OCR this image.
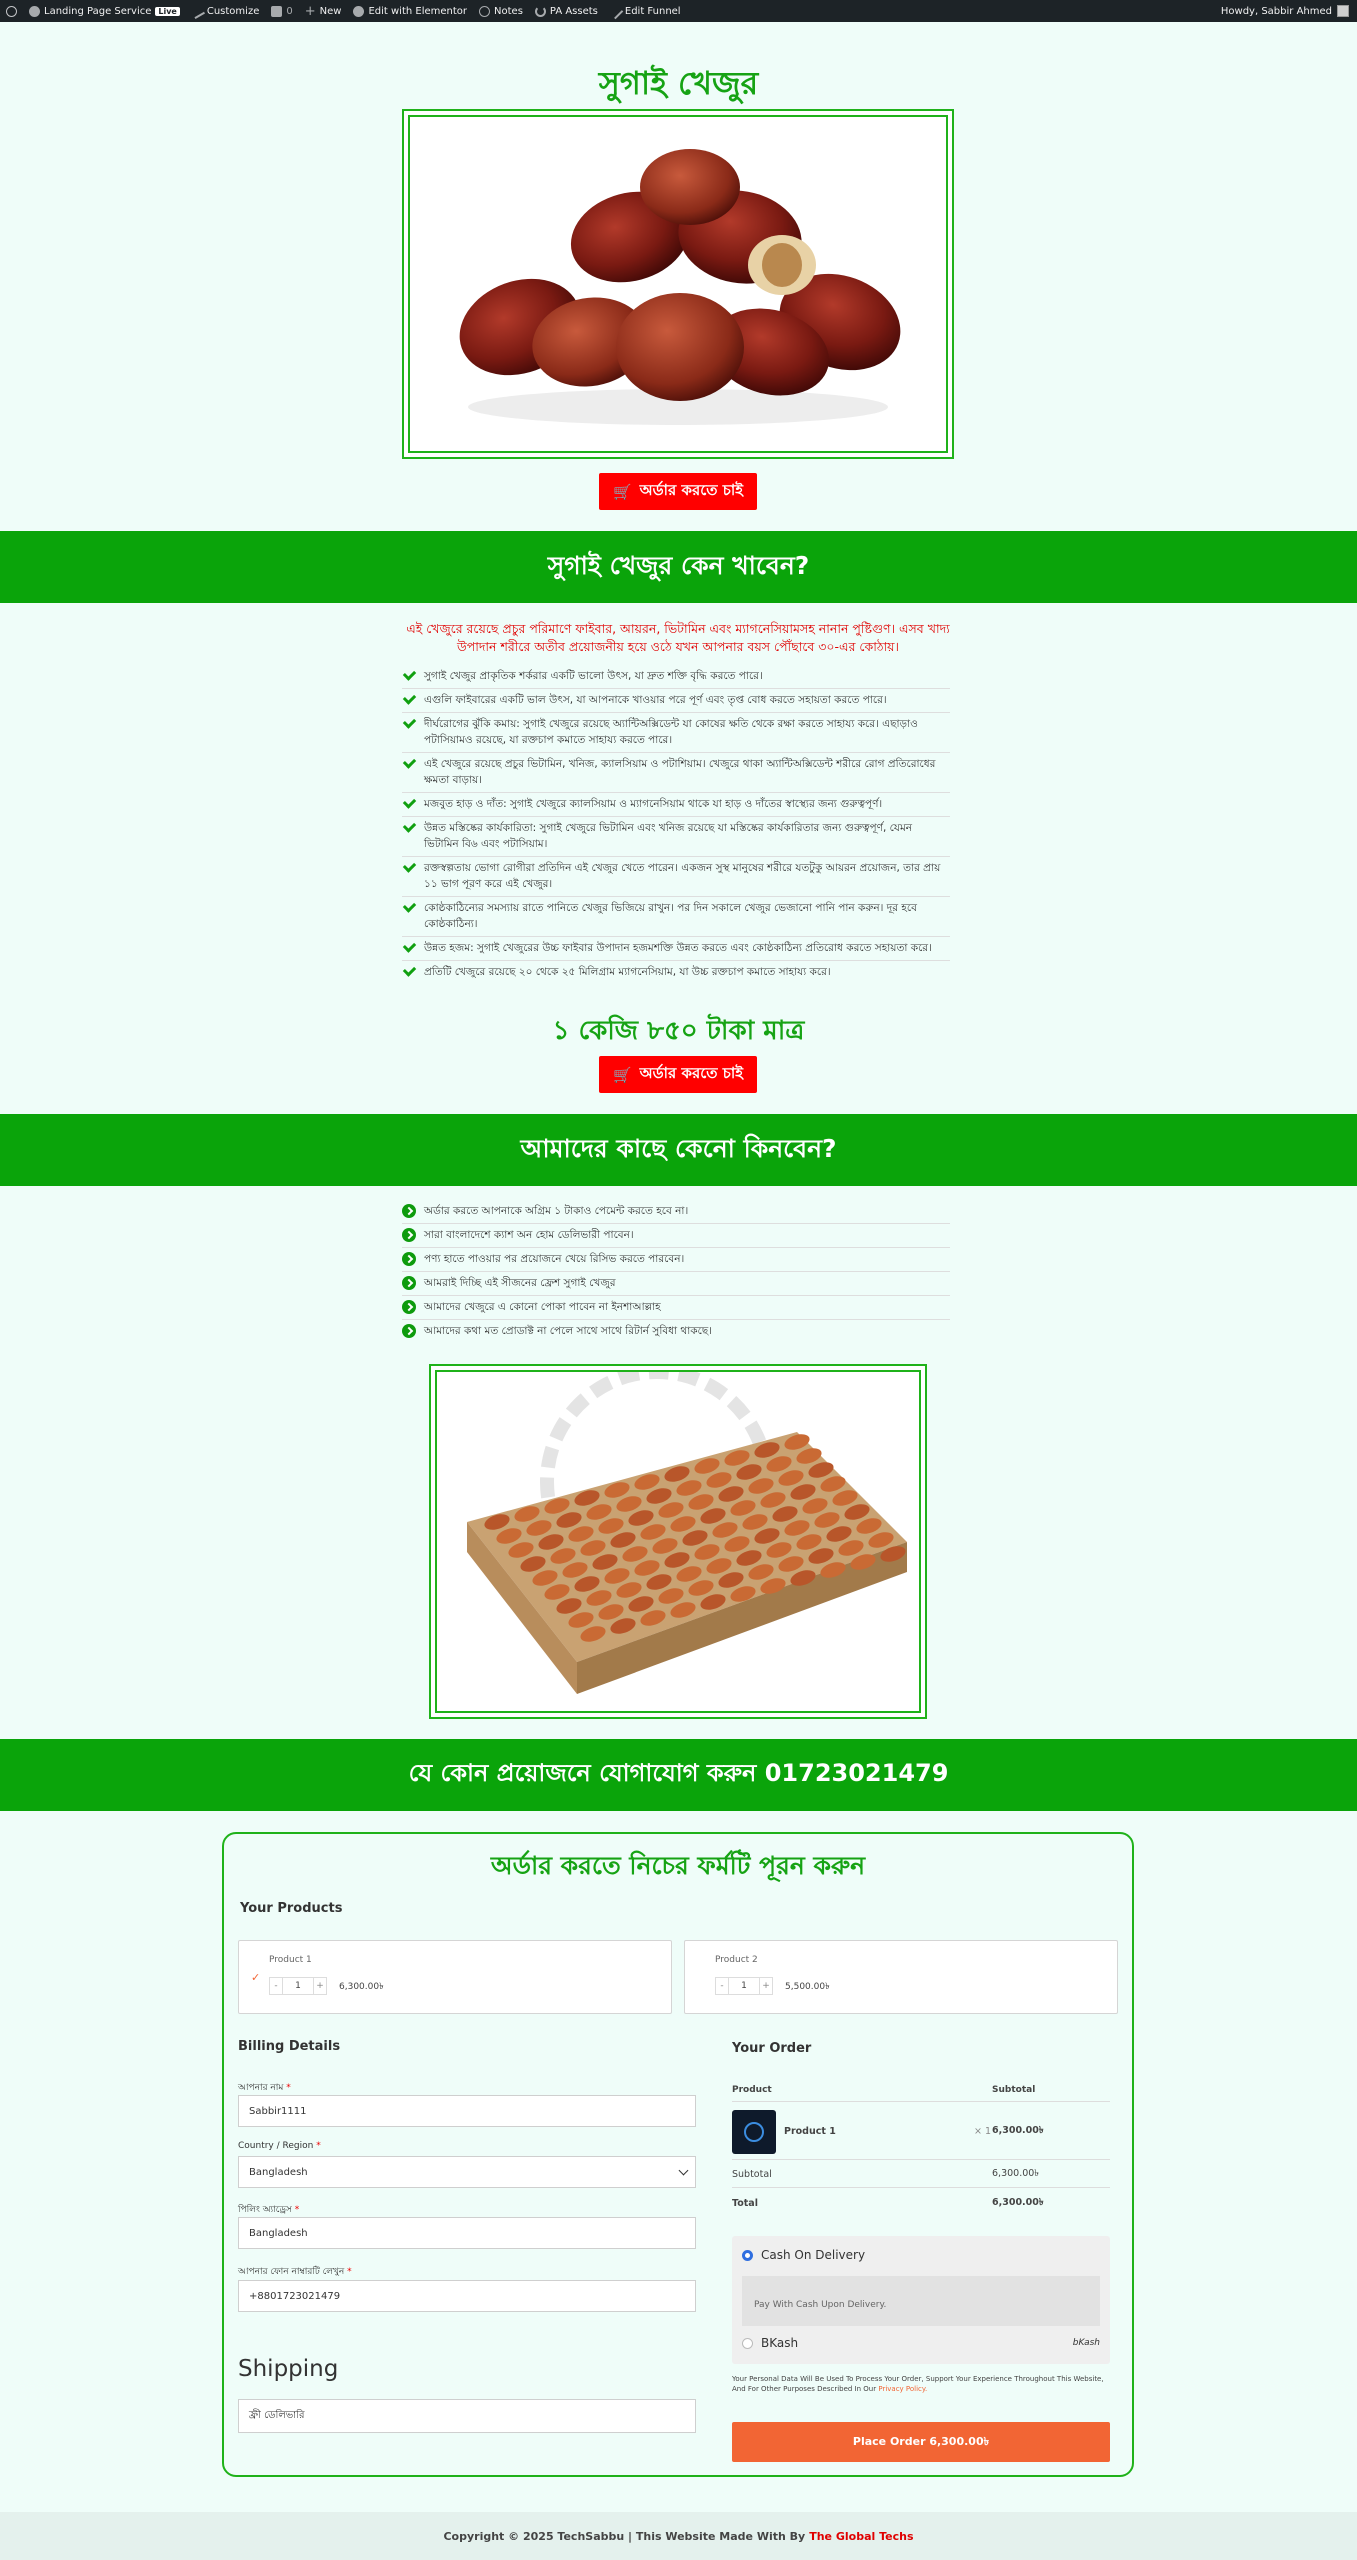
Landing Page Service Live	Customize	0 + New	Edit with Elementor	Notes	PA Assets	Edit Funnel	Howdy, Sabbir Ahmed
সুগাই খেজুর
🛒 অর্ডার করতে চাই
সুগাই খেজুর কেন খাবেন?
এই খেজুরে রয়েছে প্রচুর পরিমাণে ফাইবার, আয়রন, ভিটামিন এবং ম্যাগনেসিয়ামসহ নানান পুষ্টিগুণ। এসব খাদ্য উপাদান শরীরে অতীব প্রয়োজনীয় হয়ে ওঠে যখন আপনার বয়স পৌঁছাবে ৩০-এর কোঠায়।
সুগাই খেজুর প্রাকৃতিক শর্করার একটি ভালো উৎস, যা দ্রুত শক্তি বৃদ্ধি করতে পারে।
এগুলি ফাইবারের একটি ভাল উৎস, যা আপনাকে খাওয়ার পরে পূর্ণ এবং তৃপ্ত বোধ করতে সহায়তা করতে পারে।
দীর্ঘরোগের ঝুঁকি কমায়: সুগাই খেজুরে রয়েছে অ্যান্টিঅক্সিডেন্ট যা কোষের ক্ষতি থেকে রক্ষা করতে সাহায্য করে। এছাড়াও পটাসিয়ামও রয়েছে, যা রক্তচাপ কমাতে সাহায্য করতে পারে।
এই খেজুরে রয়েছে প্রচুর ভিটামিন, খনিজ, ক্যালসিয়াম ও পটাশিয়াম। খেজুরে থাকা অ্যান্টিঅক্সিডেন্ট শরীরে রোগ প্রতিরোধের ক্ষমতা বাড়ায়।
মজবুত হাড় ও দাঁত: সুগাই খেজুরে ক্যালসিয়াম ও ম্যাগনেসিয়াম থাকে যা হাড় ও দাঁতের স্বাস্থ্যের জন্য গুরুত্বপূর্ণ।
উন্নত মস্তিষ্কের কার্যকারিতা: সুগাই খেজুরে ভিটামিন এবং খনিজ রয়েছে যা মস্তিষ্কের কার্যকারিতার জন্য গুরুত্বপূর্ণ, যেমন ভিটামিন বি৬ এবং পটাসিয়াম।
রক্তস্বল্পতায় ভোগা রোগীরা প্রতিদিন এই খেজুর খেতে পারেন। একজন সুস্থ মানুষের শরীরে যতটুকু আয়রন প্রয়োজন, তার প্রায় ১১ ভাগ পূরণ করে এই খেজুর।
কোষ্ঠকাঠিন্যের সমস্যায় রাতে পানিতে খেজুর ভিজিয়ে রাখুন। পর দিন সকালে খেজুর ভেজানো পানি পান করুন। দূর হবে কোষ্ঠকাঠিন্য।
উন্নত হজম: সুগাই খেজুরের উচ্চ ফাইবার উপাদান হজমশক্তি উন্নত করতে এবং কোষ্ঠকাঠিন্য প্রতিরোধ করতে সহায়তা করে।
প্রতিটি খেজুরে রয়েছে ২০ থেকে ২৫ মিলিগ্রাম ম্যাগনেসিয়াম, যা উচ্চ রক্তচাপ কমাতে সাহায্য করে।
১ কেজি ৮৫০ টাকা মাত্র
🛒 অর্ডার করতে চাই
আমাদের কাছে কেনো কিনবেন?
অর্ডার করতে আপনাকে অগ্রিম ১ টাকাও পেমেন্ট করতে হবে না।
সারা বাংলাদেশে ক্যাশ অন হোম ডেলিভারী পাবেন।
পণ্য হাতে পাওয়ার পর প্রয়োজনে খেয়ে রিসিভ করতে পারবেন।
আমরাই দিচ্ছি এই সীজনের ফ্রেশ সুগাই খেজুর
আমাদের খেজুরে এ কোনো পোকা পাবেন না ইনশাআল্লাহ
আমাদের কথা মত প্রোডাক্ট না পেলে সাথে সাথে রিটার্ন সুবিধা থাকছে।
যে কোন প্রয়োজনে যোগাযোগ করুন 01723021479
অর্ডার করতে নিচের ফর্মটি পূরন করুন
Your Products
✓
Product 1
-	1	+	6,300.00৳
Product 2
-	1	+	5,500.00৳
Billing Details
আপনার নাম *
Sabbir1111
Country / Region *
Bangladesh
পিলিং অ্যাড্রেস *
Bangladesh
আপনার ফোন নাম্বারটি লেখুন *
+8801723021479
Shipping
ফ্রী ডেলিভারি
Your Order
Product	Subtotal
Product 1	× 1 6,300.00৳
Subtotal	6,300.00৳
Total	6,300.00৳
Cash On Delivery
Pay With Cash Upon Delivery.
BKash	bKash
Your Personal Data Will Be Used To Process Your Order, Support Your Experience Throughout This Website, And For Other Purposes Described In Our Privacy Policy.
Place Order 6,300.00৳
Copyright © 2025 TechSabbu | This Website Made With By The Global Techs
